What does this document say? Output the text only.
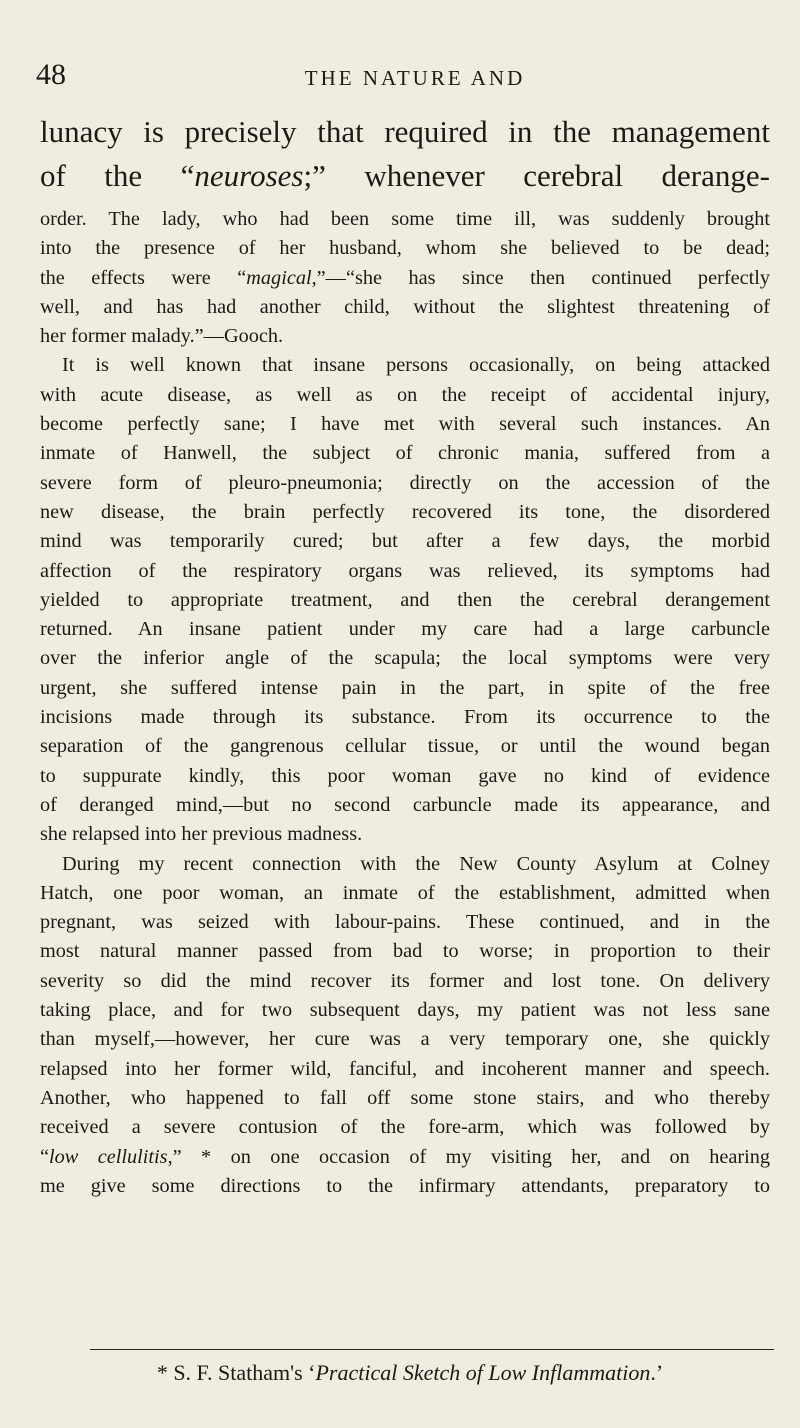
48	THE NATURE AND
lunacy is precisely that required in the management
of the “neuroses;” whenever cerebral derange-
order. The lady, who had been some time ill, was suddenly brought
into the presence of her husband, whom she believed to be dead;
the effects were “magical,”—“she has since then continued perfectly
well, and has had another child, without the slightest threatening of
her former malady.”—Gooch.
It is well known that insane persons occasionally, on being attacked
with acute disease, as well as on the receipt of accidental injury,
become perfectly sane; I have met with several such instances. An
inmate of Hanwell, the subject of chronic mania, suffered from a
severe form of pleuro-pneumonia; directly on the accession of the
new disease, the brain perfectly recovered its tone, the disordered
mind was temporarily cured; but after a few days, the morbid
affection of the respiratory organs was relieved, its symptoms had
yielded to appropriate treatment, and then the cerebral derangement
returned. An insane patient under my care had a large carbuncle
over the inferior angle of the scapula; the local symptoms were very
urgent, she suffered intense pain in the part, in spite of the free
incisions made through its substance. From its occurrence to the
separation of the gangrenous cellular tissue, or until the wound began
to suppurate kindly, this poor woman gave no kind of evidence
of deranged mind,—but no second carbuncle made its appearance, and
she relapsed into her previous madness.
During my recent connection with the New County Asylum at Colney
Hatch, one poor woman, an inmate of the establishment, admitted when
pregnant, was seized with labour-pains. These continued, and in the
most natural manner passed from bad to worse; in proportion to their
severity so did the mind recover its former and lost tone. On delivery
taking place, and for two subsequent days, my patient was not less sane
than myself,—however, her cure was a very temporary one, she quickly
relapsed into her former wild, fanciful, and incoherent manner and speech.
Another, who happened to fall off some stone stairs, and who thereby
received a severe contusion of the fore-arm, which was followed by
“low cellulitis,” * on one occasion of my visiting her, and on hearing
me give some directions to the infirmary attendants, preparatory to
* S. F. Statham's ‘Practical Sketch of Low Inflammation.’
